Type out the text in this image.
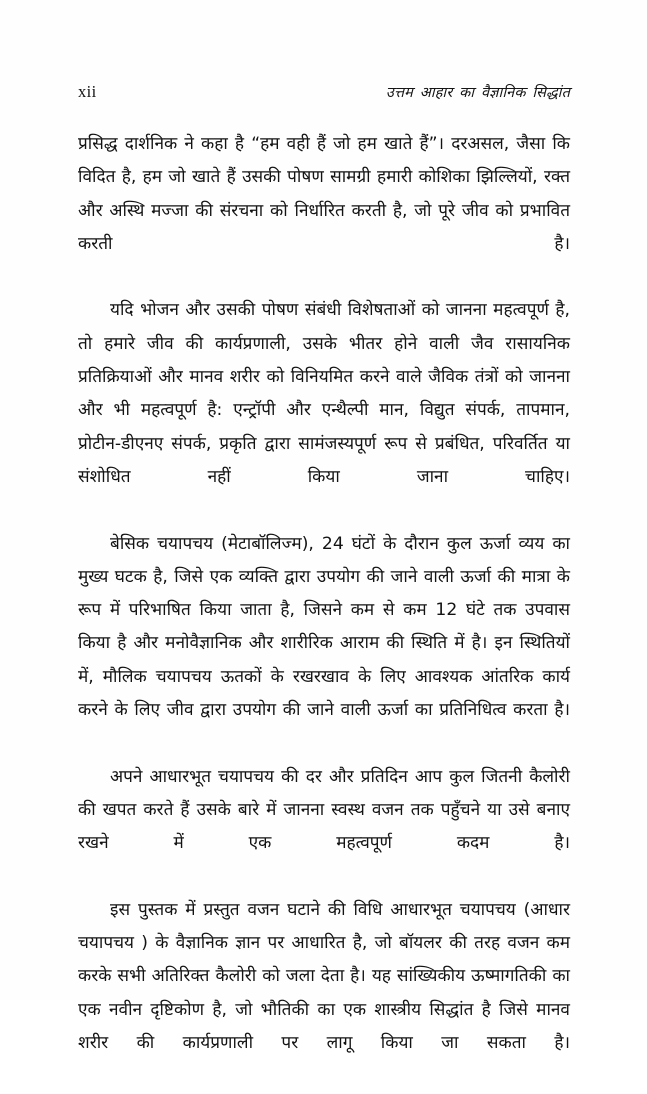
xii	उत्तम आहार का वैज्ञानिक सिद्धांत

प्रसिद्ध दार्शनिक ने कहा है “हम वही हैं जो हम खाते हैं”। दरअसल, जैसा कि विदित है, हम जो खाते हैं उसकी पोषण सामग्री हमारी कोशिका झिल्लियों, रक्त और अस्थि मज्जा की संरचना को निर्धारित करती है, जो पूरे जीव को प्रभावित करती है।

यदि भोजन और उसकी पोषण संबंधी विशेषताओं को जानना महत्वपूर्ण है, तो हमारे जीव की कार्यप्रणाली, उसके भीतर होने वाली जैव रासायनिक प्रतिक्रियाओं और मानव शरीर को विनियमित करने वाले जैविक तंत्रों को जानना और भी महत्वपूर्ण है: एन्ट्रॉपी और एन्थैल्पी मान, विद्युत संपर्क, तापमान, प्रोटीन-डीएनए संपर्क, प्रकृति द्वारा सामंजस्यपूर्ण रूप से प्रबंधित, परिवर्तित या संशोधित नहीं किया जाना चाहिए।

बेसिक चयापचय (मेटाबॉलिज्म), 24 घंटों के दौरान कुल ऊर्जा व्यय का मुख्य घटक है, जिसे एक व्यक्ति द्वारा उपयोग की जाने वाली ऊर्जा की मात्रा के रूप में परिभाषित किया जाता है, जिसने कम से कम 12 घंटे तक उपवास किया है और मनोवैज्ञानिक और शारीरिक आराम की स्थिति में है। इन स्थितियों में, मौलिक चयापचय ऊतकों के रखरखाव के लिए आवश्यक आंतरिक कार्य करने के लिए जीव द्वारा उपयोग की जाने वाली ऊर्जा का प्रतिनिधित्व करता है।

अपने आधारभूत चयापचय की दर और प्रतिदिन आप कुल जितनी कैलोरी की खपत करते हैं उसके बारे में जानना स्वस्थ वजन तक पहुँचने या उसे बनाए रखने में एक महत्वपूर्ण कदम है।

इस पुस्तक में प्रस्तुत वजन घटाने की विधि आधारभूत चयापचय (आधार चयापचय ) के वैज्ञानिक ज्ञान पर आधारित है, जो बॉयलर की तरह वजन कम करके सभी अतिरिक्त कैलोरी को जला देता है। यह सांख्यिकीय ऊष्मागतिकी का एक नवीन दृष्टिकोण है, जो भौतिकी का एक शास्त्रीय सिद्धांत है जिसे मानव शरीर की कार्यप्रणाली पर लागू किया जा सकता है।
